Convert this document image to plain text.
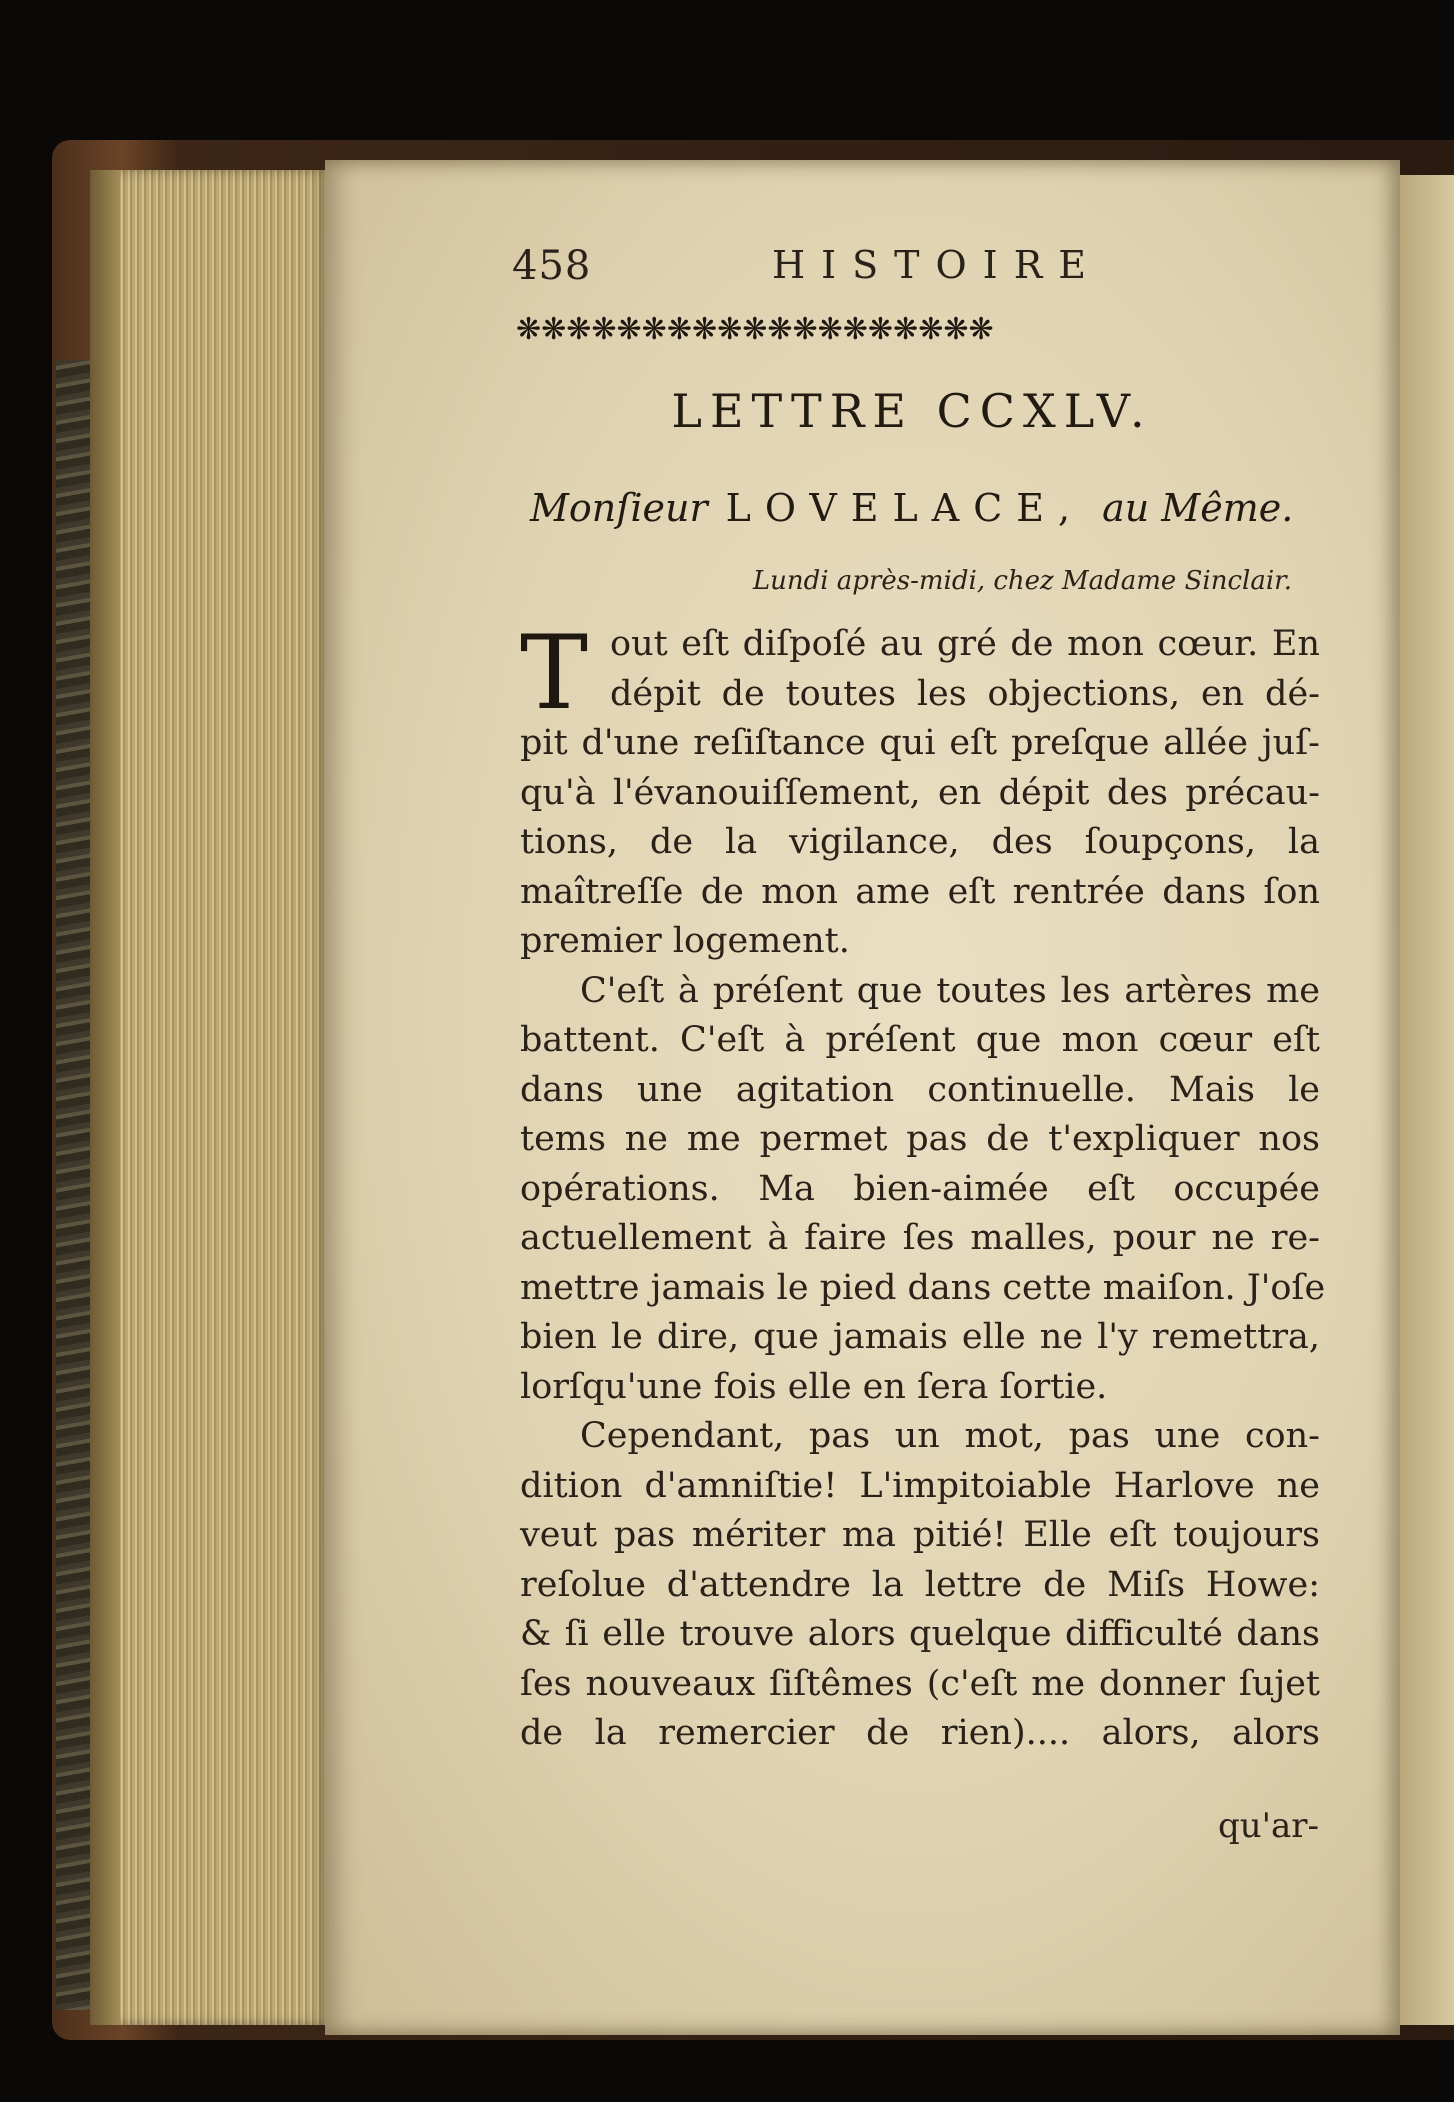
458	HISTOIRE
❋❋❋❋❋❋❋❋❋❋❋❋❋❋❋❋❋❋❋
LETTRE CCXLV.
Monſieur LOVELACE, au Même.
Lundi après-midi, chez Madame Sinclair.
T out eſt diſpoſé au gré de mon cœur. En
dépit de toutes les objections, en dé-
pit d'une reſiſtance qui eſt preſque allée juſ-
qu'à l'évanouiſſement, en dépit des précau-
tions, de la vigilance, des ſoupçons, la
maîtreſſe de mon ame eſt rentrée dans ſon
premier logement.
C'eſt à préſent que toutes les artères me
battent. C'eſt à préſent que mon cœur eſt
dans une agitation continuelle. Mais le
tems ne me permet pas de t'expliquer nos
opérations. Ma bien-aimée eſt occupée
actuellement à faire ſes malles, pour ne re-
mettre jamais le pied dans cette maiſon. J'oſe
bien le dire, que jamais elle ne l'y remettra,
lorſqu'une fois elle en ſera ſortie.
Cependant, pas un mot, pas une con-
dition d'amniſtie! L'impitoiable Harlove ne
veut pas mériter ma pitié! Elle eſt toujours
reſolue d'attendre la lettre de Miſs Howe:
& ſi elle trouve alors quelque difficulté dans
ſes nouveaux ſiſtêmes (c'eſt me donner ſujet
de la remercier de rien).... alors, alors
qu'ar-
